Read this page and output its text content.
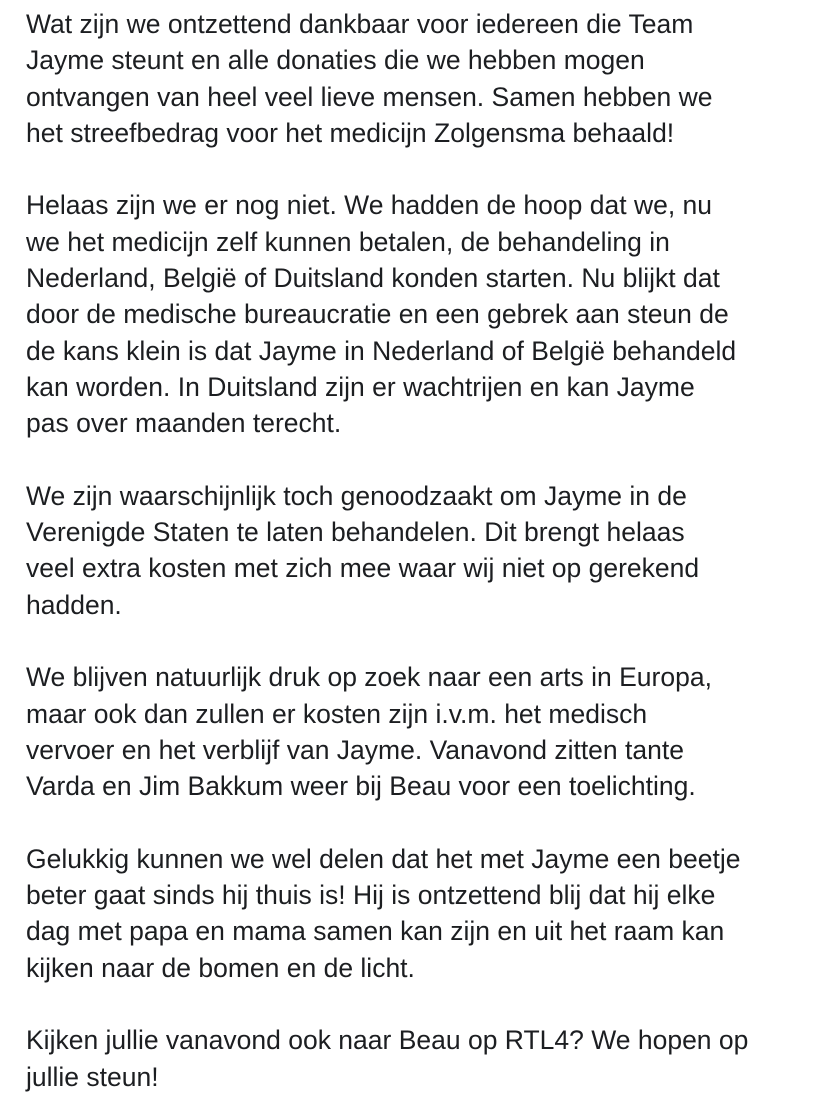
Wat zijn we ontzettend dankbaar voor iedereen die Team
Jayme steunt en alle donaties die we hebben mogen
ontvangen van heel veel lieve mensen. Samen hebben we
het streefbedrag voor het medicijn Zolgensma behaald!

Helaas zijn we er nog niet. We hadden de hoop dat we, nu
we het medicijn zelf kunnen betalen, de behandeling in
Nederland, België of Duitsland konden starten. Nu blijkt dat
door de medische bureaucratie en een gebrek aan steun de
de kans klein is dat Jayme in Nederland of België behandeld
kan worden. In Duitsland zijn er wachtrijen en kan Jayme
pas over maanden terecht.

We zijn waarschijnlijk toch genoodzaakt om Jayme in de
Verenigde Staten te laten behandelen. Dit brengt helaas
veel extra kosten met zich mee waar wij niet op gerekend
hadden.

We blijven natuurlijk druk op zoek naar een arts in Europa,
maar ook dan zullen er kosten zijn i.v.m. het medisch
vervoer en het verblijf van Jayme. Vanavond zitten tante
Varda en Jim Bakkum weer bij Beau voor een toelichting.

Gelukkig kunnen we wel delen dat het met Jayme een beetje
beter gaat sinds hij thuis is! Hij is ontzettend blij dat hij elke
dag met papa en mama samen kan zijn en uit het raam kan
kijken naar de bomen en de licht.

Kijken jullie vanavond ook naar Beau op RTL4? We hopen op
jullie steun!
